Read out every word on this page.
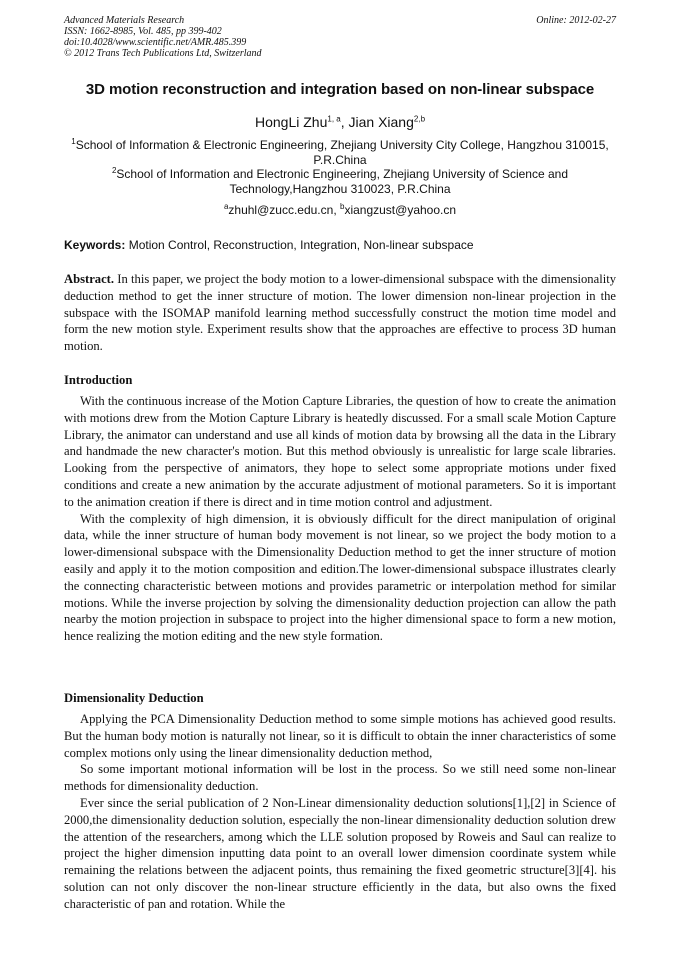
Advanced Materials Research
ISSN: 1662-8985, Vol. 485, pp 399-402
doi:10.4028/www.scientific.net/AMR.485.399
© 2012 Trans Tech Publications Ltd, Switzerland
Online: 2012-02-27
3D motion reconstruction and integration based on non-linear subspace
HongLi Zhu$^{1, a}$, Jian Xiang$^{2,b}$
$^1$School of Information & Electronic Engineering, Zhejiang University City College, Hangzhou 310015, P.R.China
$^2$School of Information and Electronic Engineering, Zhejiang University of Science and Technology,Hangzhou 310023, P.R.China
$^a$zhuhl@zucc.edu.cn, $^b$xiangzust@yahoo.cn
Keywords: Motion Control, Reconstruction, Integration, Non-linear subspace

Abstract. In this paper, we project the body motion to a lower-dimensional subspace with the dimensionality deduction method to get the inner structure of motion. The lower dimension non-linear projection in the subspace with the ISOMAP manifold learning method successfully construct the motion time model and form the new motion style. Experiment results show that the approaches are effective to process 3D human motion.

Introduction

With the continuous increase of the Motion Capture Libraries, the question of how to create the animation with motions drew from the Motion Capture Library is heatedly discussed. For a small scale Motion Capture Library, the animator can understand and use all kinds of motion data by browsing all the data in the Library and handmade the new character's motion. But this method obviously is unrealistic for large scale libraries. Looking from the perspective of animators, they hope to select some appropriate motions under fixed conditions and create a new animation by the accurate adjustment of motional parameters. So it is important to the animation creation if there is direct and in time motion control and adjustment.

With the complexity of high dimension, it is obviously difficult for the direct manipulation of original data, while the inner structure of human body movement is not linear, so we project the body motion to a lower-dimensional subspace with the Dimensionality Deduction method to get the inner structure of motion easily and apply it to the motion composition and edition.The lower-dimensional subspace illustrates clearly the connecting characteristic between motions and provides parametric or interpolation method for similar motions. While the inverse projection by solving the dimensionality deduction projection can allow the path nearby the motion projection in subspace to project into the higher dimensional space to form a new motion, hence realizing the motion editing and the new style formation.

Dimensionality Deduction

Applying the PCA Dimensionality Deduction method to some simple motions has achieved good results. But the human body motion is naturally not linear, so it is difficult to obtain the inner characteristics of some complex motions only using the linear dimensionality deduction method,

So some important motional information will be lost in the process. So we still need some non-linear methods for dimensionality deduction.

Ever since the serial publication of 2 Non-Linear dimensionality deduction solutions[1],[2] in Science of 2000,the dimensionality deduction solution, especially the non-linear dimensionality deduction solution drew the attention of the researchers, among which the LLE solution proposed by Roweis and Saul can realize to project the higher dimension inputting data point to an overall lower dimension coordinate system while remaining the relations between the adjacent points, thus remaining the fixed geometric structure[3][4]. his solution can not only discover the non-linear structure efficiently in the data, but also owns the fixed characteristic of pan and rotation. While the
